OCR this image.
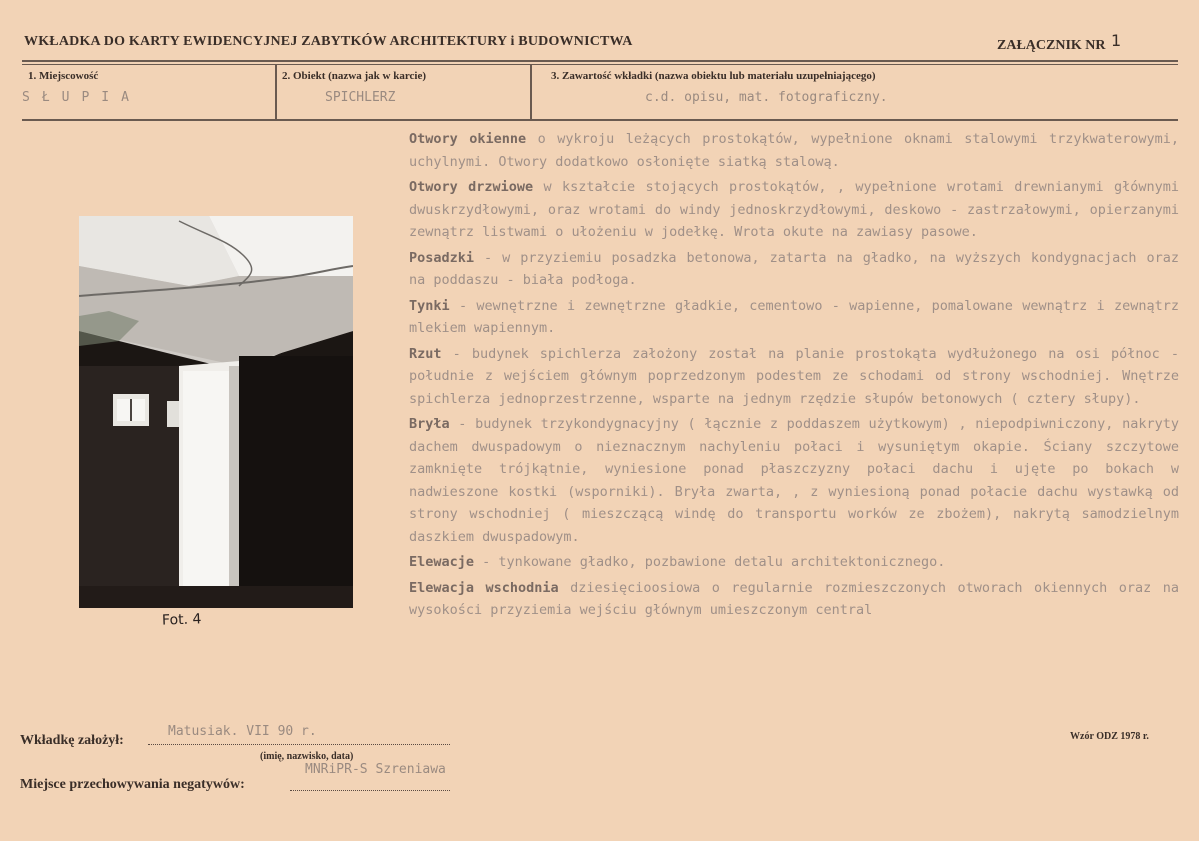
WKŁADKA DO KARTY EWIDENCYJNEJ ZABYTKÓW ARCHITEKTURY i BUDOWNICTWA	ZAŁĄCZNIK NR 1
1. Miejscowość
SŁUPIA
2. Obiekt (nazwa jak w karcie)
SPICHLERZ
3. Zawartość wkładki (nazwa obiektu lub materiału uzupełniającego)
c.d. opisu, mat. fotograficzny.
Fot. 4

Otwory okienne o wykroju leżących prostokątów, wypełnione oknami stalowymi trzykwaterowymi, uchylnymi. Otwory dodatkowo osłonięte siatką stalową.

Otwory drzwiowe w kształcie stojących prostokątów, , wypełnione wrotami drewnianymi głównymi dwuskrzydłowymi, oraz wrotami do windy jednoskrzydłowymi, deskowo - zastrzałowymi, opierzanymi zewnątrz listwami o ułożeniu w jodełkę. Wrota okute na zawiasy pasowe.

Posadzki - w przyziemiu posadzka betonowa, zatarta na gładko, na wyższych kondygnacjach oraz na poddaszu - biała podłoga.

Tynki - wewnętrzne i zewnętrzne gładkie, cementowo - wapienne, pomalowane wewnątrz i zewnątrz mlekiem wapiennym.

Rzut - budynek spichlerza założony został na planie prostokąta wydłużonego na osi północ - południe z wejściem głównym poprzedzonym podestem ze schodami od strony wschodniej. Wnętrze spichlerza jednoprzestrzenne, wsparte na jednym rzędzie słupów betonowych ( cztery słupy).

Bryła - budynek trzykondygnacyjny ( łącznie z poddaszem użytkowym) , niepodpiwniczony, nakryty dachem dwuspadowym o nieznacznym nachyleniu połaci i wysuniętym okapie. Ściany szczytowe zamknięte trójkątnie, wyniesione ponad płaszczyzny połaci dachu i ujęte po bokach w nadwieszone kostki (wsporniki). Bryła zwarta, , z wyniesioną ponad połacie dachu wystawką od strony wschodniej ( mieszczącą windę do transportu worków ze zbożem), nakrytą samodzielnym daszkiem dwuspadowym.

Elewacje - tynkowane gładko, pozbawione detalu architektonicznego.

Elewacja wschodnia dziesięcioosiowa o regularnie rozmieszczonych otworach okiennych oraz na wysokości przyziemia wejściu głównym umieszczonym central

Wkładkę założył:
Matusiak. VII 90 r.
(imię, nazwisko, data)
MNRiPR-S Szreniawa
Miejsce przechowywania negatywów:
Wzór ODZ 1978 r.
